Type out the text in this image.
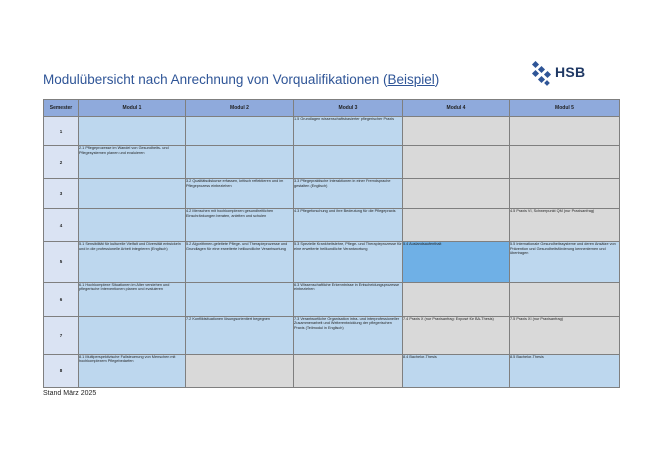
Modulübersicht nach Anrechnung von Vorqualifikationen (Beispiel)	HSB
Semester	Modul 1	Modul 2	Modul 3	Modul 4	Modul 5
1			1.5 Grundlagen wissenschaftsbasierter pflegerischer Praxis		
2	2.1 Pflegeprozesse im Wandel von Gesundheits- und Pflegesystemen planen und evaluieren				
3		3.2 Qualitätsdiskurse erfassen, kritisch reflektieren und im Pflegeprozess einbeziehen	3.3 Pflegepraktische Interaktionen in einer Fremdsprache gestalten (Englisch)		
4		4.2 Menschen mit hochkomplexen gesundheitlichen Einschränkungen beraten, anleiten und schulen	4.3 Pflegeforschung und ihre Bedeutung für die Pflegepraxis		4.5 Praxis VI, Schwerpunkt QM (nur Praxisanfrag)
5	5.1 Sensibilität für kulturelle Vielfalt und Diversität entwickeln und in die professionelle Arbeit integrieren (Englisch)	5.2 Algorithmen-geleitete Pflege- und Therapieprozesse und Grundlagen für eine erweiterte heilkundliche Verantwortung	5.3 Spezielle Krankheitslehre, Pflege- und Therapieprozesse für eine erweiterte heilkundliche Verantwortung	5.4 Auslandsaufenthalt	5.5 Internationale Gesundheitssysteme und deren Ansätze von Prävention und Gesundheitsförderung kennenlernen und übertragen
6	6.1 Hochkomplexe Situationen im Alter verstehen und pflegerische Interventionen planen und evaluieren		6.3 Wissenschaftliche Erkenntnisse in Entscheidungsprozesse einbeziehen		
7		7.2 Konfliktsituationen lösungsorientiert begegnen	7.3 Verantwortliche Organisation intra- und interprofessioneller Zusammenarbeit und Weiterentwicklung der pflegerischen Praxis (Teilmodul in Englisch)	7.4 Praxis X (nur Praxisanfrag: Exposé für BA-Thesis)	7.5 Praxis XI (nur Praxisanfrag)
8	8.1 Multiperspektivische Fallsteuerung von Menschen mit hochkomplexem Pflegebedarfen			8.4 Bachelor-Thesis	8.5 Bachelor-Thesis
Stand März 2025
